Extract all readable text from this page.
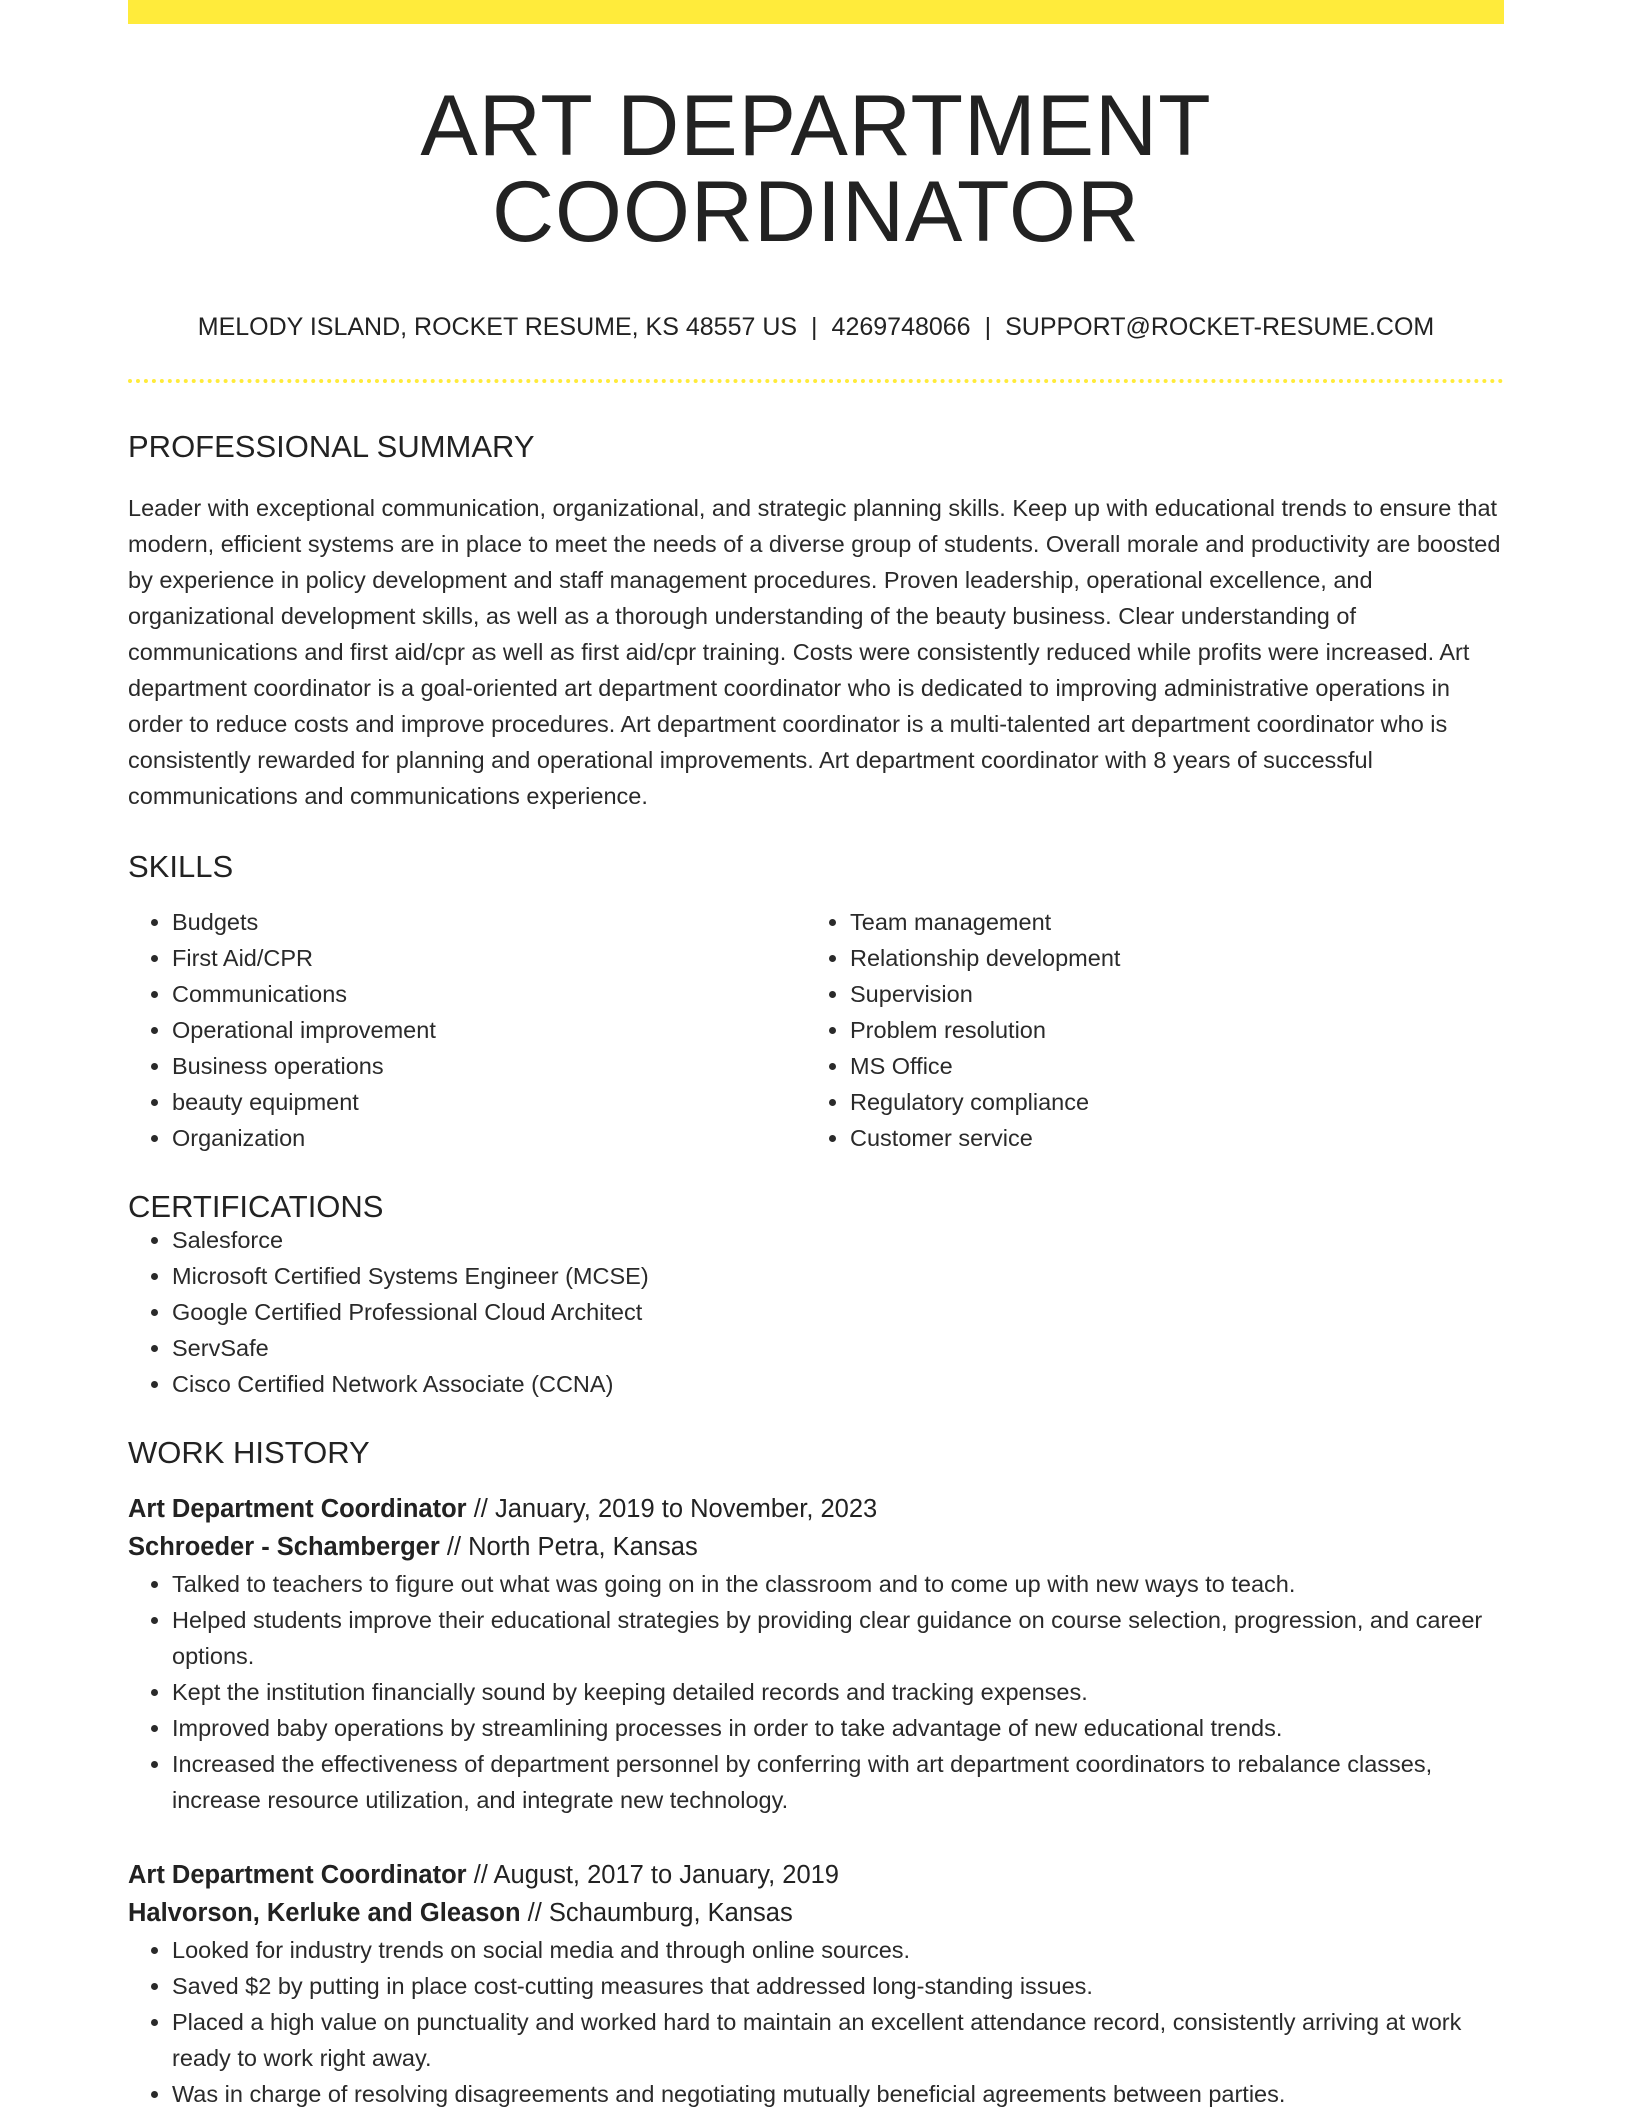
ART DEPARTMENT COORDINATOR
MELODY ISLAND, ROCKET RESUME, KS 48557 US | 4269748066 | SUPPORT@ROCKET-RESUME.COM
PROFESSIONAL SUMMARY

Leader with exceptional communication, organizational, and strategic planning skills. Keep up with educational trends to ensure that modern, efficient systems are in place to meet the needs of a diverse group of students. Overall morale and productivity are boosted by experience in policy development and staff management procedures. Proven leadership, operational excellence, and organizational development skills, as well as a thorough understanding of the beauty business. Clear understanding of communications and first aid/cpr as well as first aid/cpr training. Costs were consistently reduced while profits were increased. Art department coordinator is a goal-oriented art department coordinator who is dedicated to improving administrative operations in order to reduce costs and improve procedures. Art department coordinator is a multi-talented art department coordinator who is consistently rewarded for planning and operational improvements. Art department coordinator with 8 years of successful communications and communications experience.

SKILLS
• Budgets
• First Aid/CPR
• Communications
• Operational improvement
• Business operations
• beauty equipment
• Organization
• Team management
• Relationship development
• Supervision
• Problem resolution
• MS Office
• Regulatory compliance
• Customer service
CERTIFICATIONS
• Salesforce
• Microsoft Certified Systems Engineer (MCSE)
• Google Certified Professional Cloud Architect
• ServSafe
• Cisco Certified Network Associate (CCNA)
WORK HISTORY
Art Department Coordinator // January, 2019 to November, 2023
Schroeder - Schamberger // North Petra, Kansas
• Talked to teachers to figure out what was going on in the classroom and to come up with new ways to teach.
• Helped students improve their educational strategies by providing clear guidance on course selection, progression, and career options.
• Kept the institution financially sound by keeping detailed records and tracking expenses.
• Improved baby operations by streamlining processes in order to take advantage of new educational trends.
• Increased the effectiveness of department personnel by conferring with art department coordinators to rebalance classes, increase resource utilization, and integrate new technology.
Art Department Coordinator // August, 2017 to January, 2019
Halvorson, Kerluke and Gleason // Schaumburg, Kansas
• Looked for industry trends on social media and through online sources.
• Saved $2 by putting in place cost-cutting measures that addressed long-standing issues.
• Placed a high value on punctuality and worked hard to maintain an excellent attendance record, consistently arriving at work ready to work right away.
• Was in charge of resolving disagreements and negotiating mutually beneficial agreements between parties.
